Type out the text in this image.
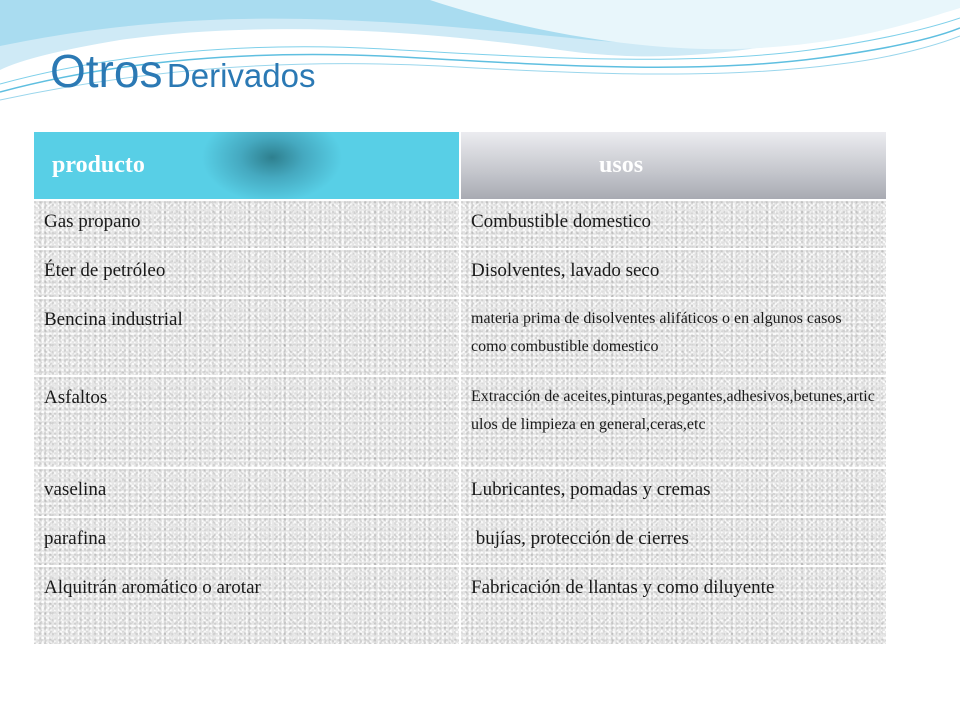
Otros Derivados
producto	usos
Gas propano	Combustible domestico
Éter de petróleo	Disolventes, lavado seco
Bencina industrial	materia prima de disolventes alifáticos o en algunos casos como combustible domestico
Asfaltos	Extracción de aceites,pinturas,pegantes,adhesivos,betunes,articulos de limpieza en general,ceras,etc
vaselina	Lubricantes, pomadas y cremas
parafina	bujías, protección de cierres
Alquitrán aromático o arotar	Fabricación de llantas y como diluyente
